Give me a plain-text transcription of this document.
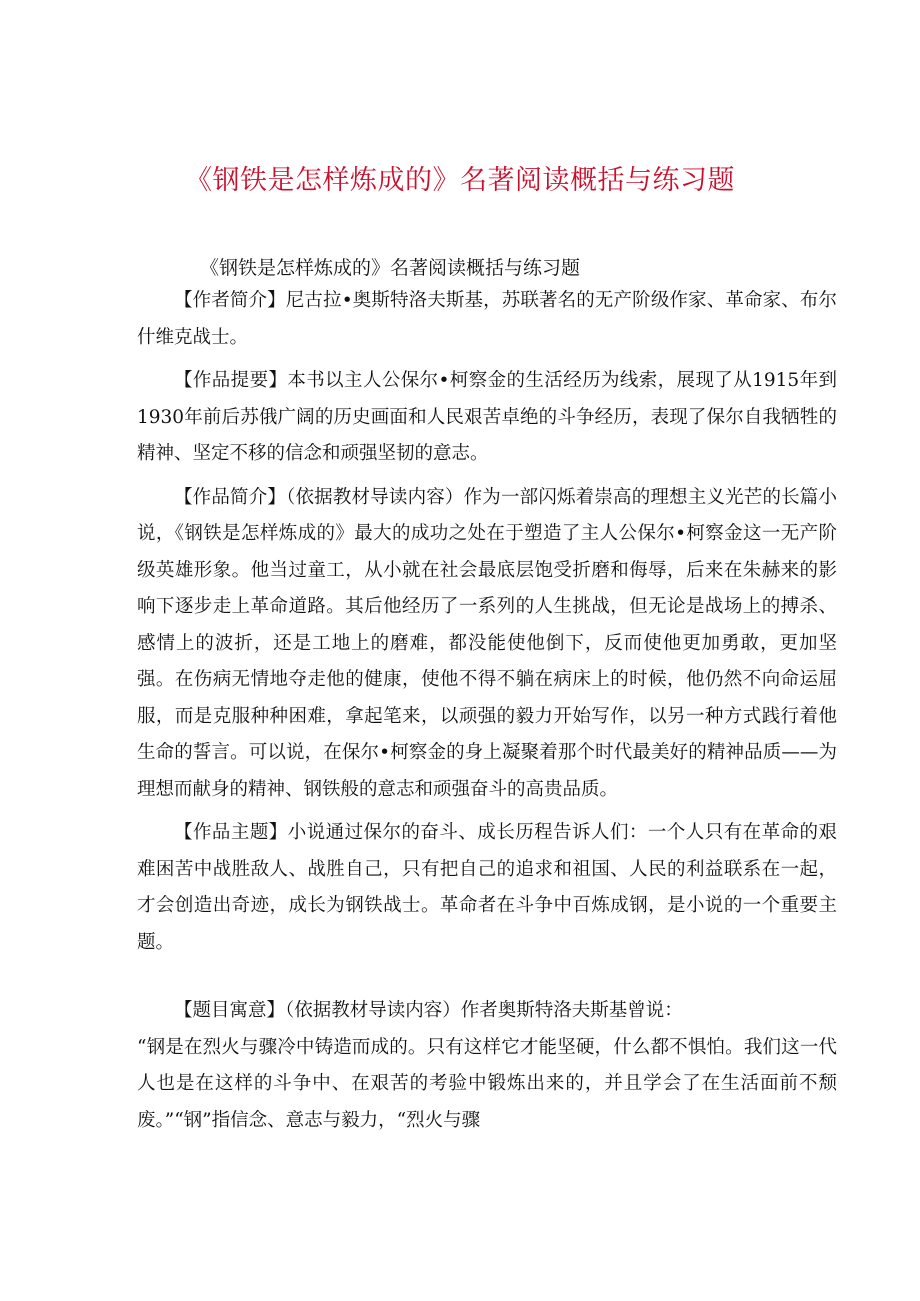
《钢铁是怎样炼成的》名著阅读概括与练习题
《钢铁是怎样炼成的》名著阅读概括与练习题

【作者简介】尼古拉•奥斯特洛夫斯基，苏联著名的无产阶级作家、革命家、布尔什维克战士。

【作品提要】本书以主人公保尔•柯察金的生活经历为线索，展现了从1915年到1930年前后苏俄广阔的历史画面和人民艰苦卓绝的斗争经历，表现了保尔自我牺牲的精神、坚定不移的信念和顽强坚韧的意志。

【作品简介】（依据教材导读内容）作为一部闪烁着崇高的理想主义光芒的长篇小说，《钢铁是怎样炼成的》最大的成功之处在于塑造了主人公保尔•柯察金这一无产阶级英雄形象。他当过童工，从小就在社会最底层饱受折磨和侮辱，后来在朱赫来的影响下逐步走上革命道路。其后他经历了一系列的人生挑战，但无论是战场上的搏杀、感情上的波折，还是工地上的磨难，都没能使他倒下，反而使他更加勇敢，更加坚强。在伤病无情地夺走他的健康，使他不得不躺在病床上的时候，他仍然不向命运屈服，而是克服种种困难，拿起笔来，以顽强的毅力开始写作，以另一种方式践行着他生命的誓言。可以说，在保尔•柯察金的身上凝聚着那个时代最美好的精神品质——为理想而献身的精神、钢铁般的意志和顽强奋斗的高贵品质。

【作品主题】小说通过保尔的奋斗、成长历程告诉人们：一个人只有在革命的艰难困苦中战胜敌人、战胜自己，只有把自己的追求和祖国、人民的利益联系在一起，才会创造出奇迹，成长为钢铁战士。革命者在斗争中百炼成钢，是小说的一个重要主题。

【题目寓意】（依据教材导读内容）作者奥斯特洛夫斯基曾说：

“钢是在烈火与骤冷中铸造而成的。只有这样它才能坚硬，什么都不惧怕。我们这一代人也是在这样的斗争中、在艰苦的考验中锻炼出来的，并且学会了在生活面前不颓废。”“钢”指信念、意志与毅力，“烈火与骤
